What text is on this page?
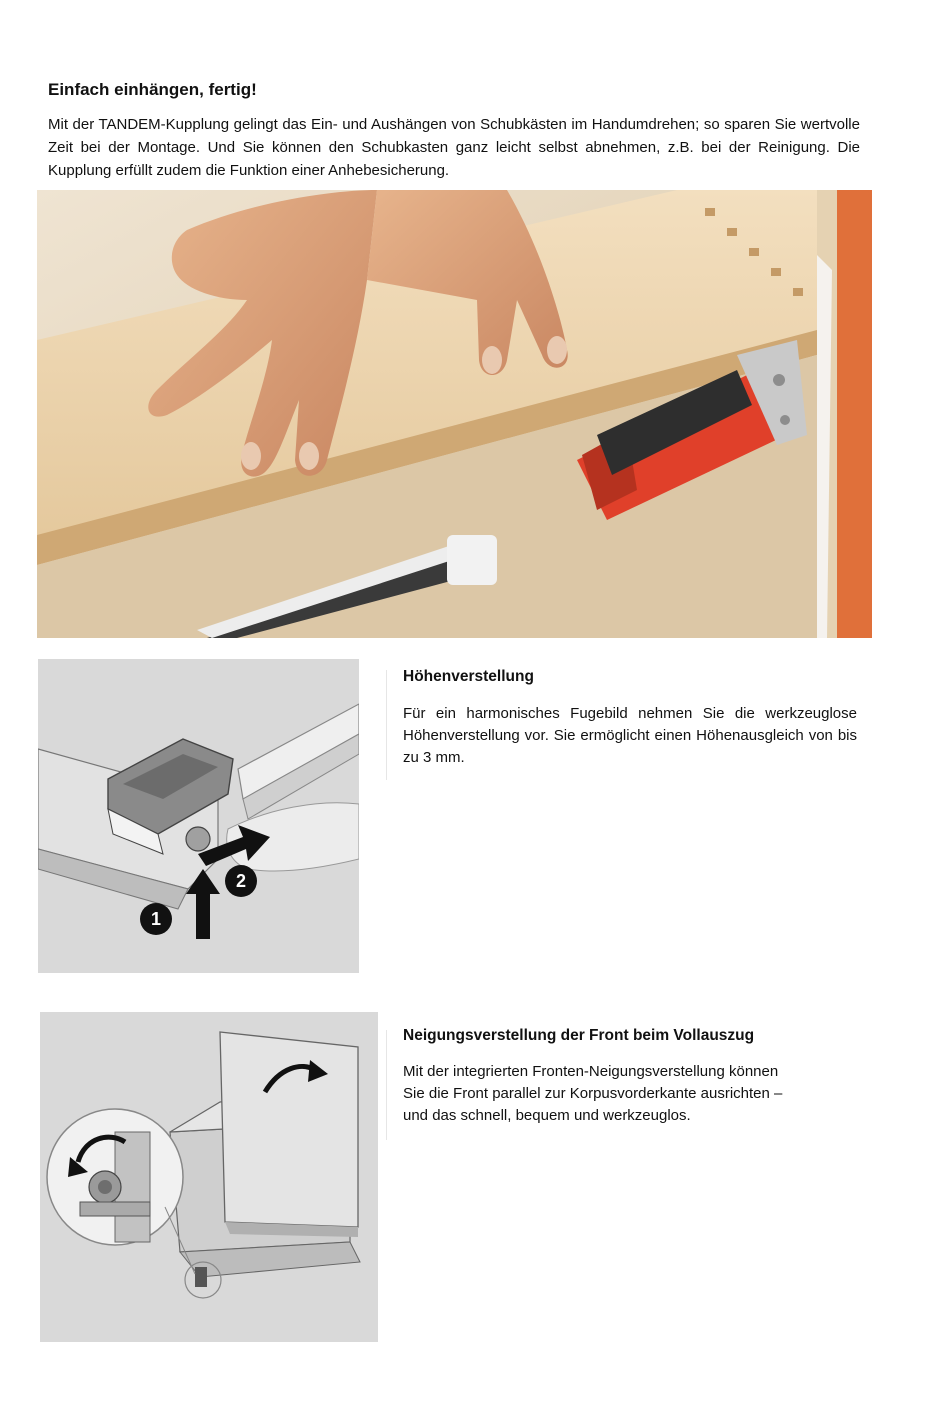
Einfach einhängen, fertig!
Mit der TANDEM-Kupplung gelingt das Ein- und Aushängen von Schubkästen im Handumdrehen; so sparen Sie wertvolle Zeit bei der Montage. Und Sie können den Schubkasten ganz leicht selbst abnehmen, z.B. bei der Reinigung. Die Kupplung erfüllt zudem die Funktion einer Anhebesicherung.
1
2
Höhenverstellung
Für ein harmonisches Fugebild nehmen Sie die werkzeuglose Höhenverstellung vor. Sie ermöglicht einen Höhenausgleich von bis zu 3 mm.
Neigungsverstellung der Front beim Vollauszug
Mit der integrierten Fronten-Neigungsverstellung können
Sie die Front parallel zur Korpusvorderkante ausrichten –
und das schnell, bequem und werkzeuglos.
